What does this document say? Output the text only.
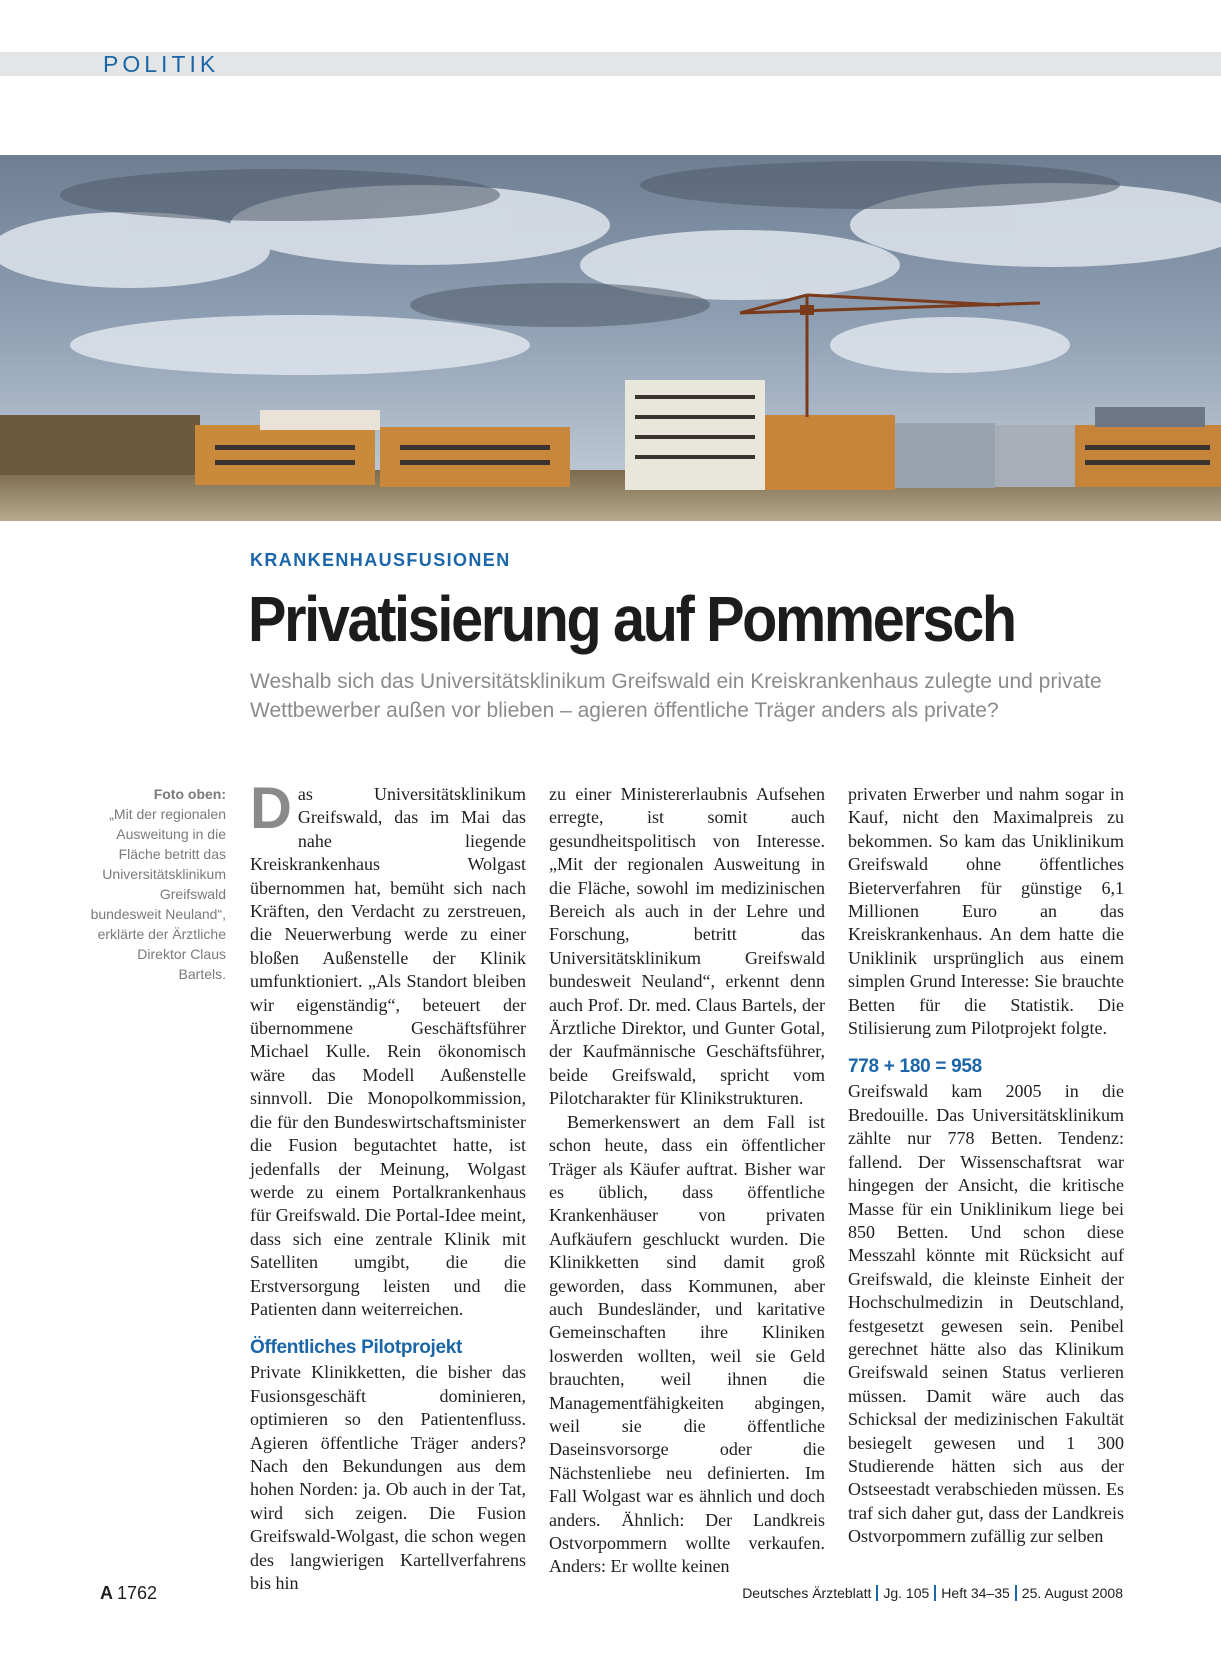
POLITIK
KRANKENHAUSFUSIONEN
Privatisierung auf Pommersch
Weshalb sich das Universitätsklinikum Greifswald ein Kreiskrankenhaus zulegte und private Wettbewerber außen vor blieben – agieren öffentliche Träger anders als private?
Foto oben:
„Mit der regionalen Ausweitung in die Fläche betritt das Universitätsklinikum Greifswald bundesweit Neuland“, erklärte der Ärztliche Direktor Claus Bartels.

Das Universitätsklinikum Greifswald, das im Mai das nahe liegende Kreiskrankenhaus Wolgast übernommen hat, bemüht sich nach Kräften, den Verdacht zu zerstreuen, die Neuerwerbung werde zu einer bloßen Außenstelle der Klinik umfunktioniert. „Als Standort bleiben wir eigenständig“, beteuert der übernommene Geschäftsführer Michael Kulle. Rein ökonomisch wäre das Modell Außenstelle sinnvoll. Die Monopolkommission, die für den Bundeswirtschaftsminister die Fusion begutachtet hatte, ist jedenfalls der Meinung, Wolgast werde zu einem Portalkrankenhaus für Greifswald. Die Portal-Idee meint, dass sich eine zentrale Klinik mit Satelliten umgibt, die die Erstversorgung leisten und die Patienten dann weiterreichen.

Öffentliches Pilotprojekt

Private Klinikketten, die bisher das Fusionsgeschäft dominieren, optimieren so den Patientenfluss. Agieren öffentliche Träger anders? Nach den Bekundungen aus dem hohen Norden: ja. Ob auch in der Tat, wird sich zeigen. Die Fusion Greifswald-Wolgast, die schon wegen des langwierigen Kartellverfahrens bis hin

zu einer Ministererlaubnis Aufsehen erregte, ist somit auch gesundheitspolitisch von Interesse. „Mit der regionalen Ausweitung in die Fläche, sowohl im medizinischen Bereich als auch in der Lehre und Forschung, betritt das Universitätsklinikum Greifswald bundesweit Neuland“, erkennt denn auch Prof. Dr. med. Claus Bartels, der Ärztliche Direktor, und Gunter Gotal, der Kaufmännische Geschäftsführer, beide Greifswald, spricht vom Pilotcharakter für Klinikstrukturen.

Bemerkenswert an dem Fall ist schon heute, dass ein öffentlicher Träger als Käufer auftrat. Bisher war es üblich, dass öffentliche Krankenhäuser von privaten Aufkäufern geschluckt wurden. Die Klinikketten sind damit groß geworden, dass Kommunen, aber auch Bundesländer, und karitative Gemeinschaften ihre Kliniken loswerden wollten, weil sie Geld brauchten, weil ihnen die Managementfähigkeiten abgingen, weil sie die öffentliche Daseinsvorsorge oder die Nächstenliebe neu definierten. Im Fall Wolgast war es ähnlich und doch anders. Ähnlich: Der Landkreis Ostvorpommern wollte verkaufen. Anders: Er wollte keinen

privaten Erwerber und nahm sogar in Kauf, nicht den Maximalpreis zu bekommen. So kam das Uniklinikum Greifswald ohne öffentliches Bieterverfahren für günstige 6,1 Millionen Euro an das Kreiskrankenhaus. An dem hatte die Uniklinik ursprünglich aus einem simplen Grund Interesse: Sie brauchte Betten für die Statistik. Die Stilisierung zum Pilotprojekt folgte.

778 + 180 = 958

Greifswald kam 2005 in die Bredouille. Das Universitätsklinikum zählte nur 778 Betten. Tendenz: fallend. Der Wissenschaftsrat war hingegen der Ansicht, die kritische Masse für ein Uniklinikum liege bei 850 Betten. Und schon diese Messzahl könnte mit Rücksicht auf Greifswald, die kleinste Einheit der Hochschulmedizin in Deutschland, festgesetzt gewesen sein. Penibel gerechnet hätte also das Klinikum Greifswald seinen Status verlieren müssen. Damit wäre auch das Schicksal der medizinischen Fakultät besiegelt gewesen und 1 300 Studierende hätten sich aus der Ostseestadt verabschieden müssen. Es traf sich daher gut, dass der Landkreis Ostvorpommern zufällig zur selben

A 1762	Deutsches Ärzteblatt Jg. 105 Heft 34–35 25. August 2008
